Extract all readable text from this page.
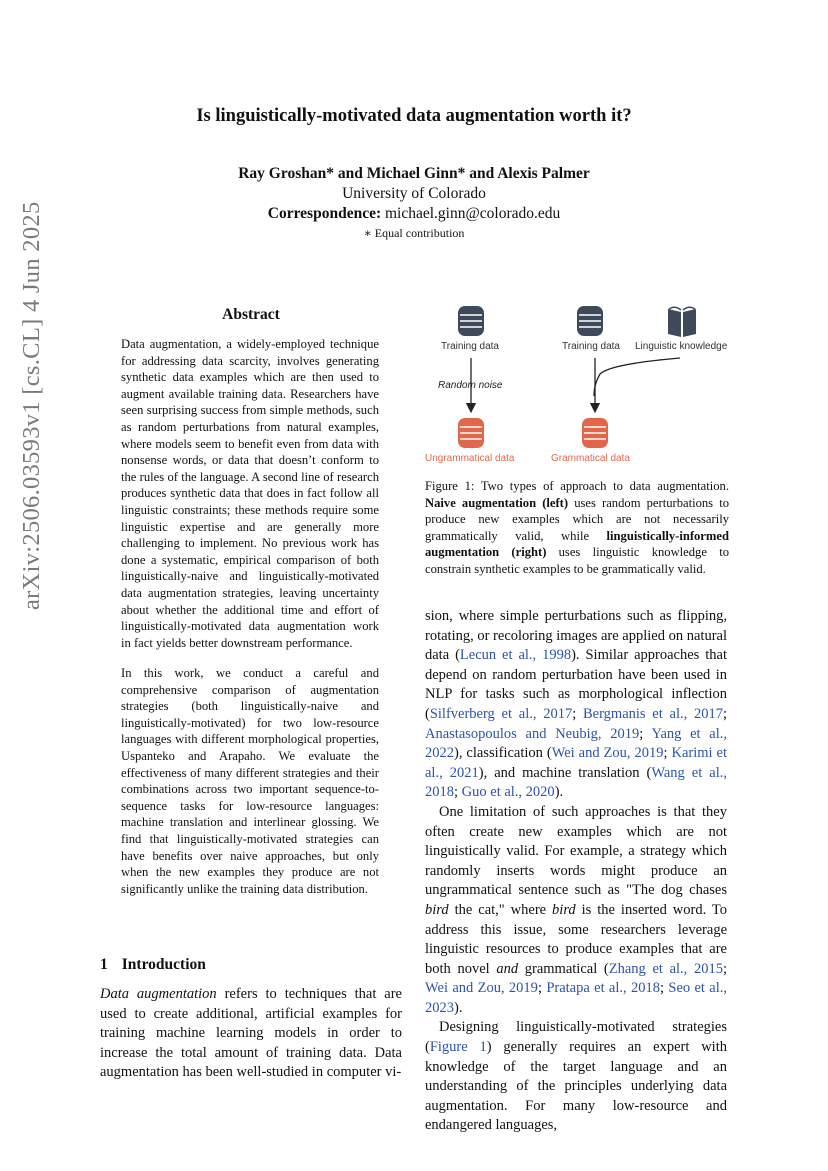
Is linguistically-motivated data augmentation worth it?
Ray Groshan* and Michael Ginn* and Alexis Palmer
University of Colorado
Correspondence: michael.ginn@colorado.edu
∗ Equal contribution
arXiv:2506.03593v1 [cs.CL] 4 Jun 2025	Abstract

Data augmentation, a widely-employed technique for addressing data scarcity, involves generating synthetic data examples which are then used to augment available training data. Researchers have seen surprising success from simple methods, such as random perturbations from natural examples, where models seem to benefit even from data with nonsense words, or data that doesn’t conform to the rules of the language. A second line of research produces synthetic data that does in fact follow all linguistic constraints; these methods require some linguistic expertise and are generally more challenging to implement. No previous work has done a systematic, empirical comparison of both linguistically-naive and linguistically-motivated data augmentation strategies, leaving uncertainty about whether the additional time and effort of linguistically-motivated data augmentation work in fact yields better downstream performance.

In this work, we conduct a careful and comprehensive comparison of augmentation strategies (both linguistically-naive and linguistically-motivated) for two low-resource languages with different morphological properties, Uspanteko and Arapaho. We evaluate the effectiveness of many different strategies and their combinations across two important sequence-to-sequence tasks for low-resource languages: machine translation and interlinear glossing. We find that linguistically-motivated strategies can have benefits over naive approaches, but only when the new examples they produce are not significantly unlike the training data distribution.

1 Introduction

Data augmentation refers to techniques that are used to create additional, artificial examples for training machine learning models in order to increase the total amount of training data. Data augmentation has been well-studied in computer vi-

Training data	Training data Linguistic knowledge
Random noise
Ungrammatical data	Grammatical data
Figure 1: Two types of approach to data augmentation. Naive augmentation (left) uses random perturbations to produce new examples which are not necessarily grammatically valid, while linguistically-informed augmentation (right) uses linguistic knowledge to constrain synthetic examples to be grammatically valid.

sion, where simple perturbations such as flipping, rotating, or recoloring images are applied on natural data (Lecun et al., 1998). Similar approaches that depend on random perturbation have been used in NLP for tasks such as morphological inflection (Silfverberg et al., 2017; Bergmanis et al., 2017; Anastasopoulos and Neubig, 2019; Yang et al., 2022), classification (Wei and Zou, 2019; Karimi et al., 2021), and machine translation (Wang et al., 2018; Guo et al., 2020).

One limitation of such approaches is that they often create new examples which are not linguistically valid. For example, a strategy which randomly inserts words might produce an ungrammatical sentence such as "The dog chases bird the cat," where bird is the inserted word. To address this issue, some researchers leverage linguistic resources to produce examples that are both novel and grammatical (Zhang et al., 2015; Wei and Zou, 2019; Pratapa et al., 2018; Seo et al., 2023).

Designing linguistically-motivated strategies (Figure 1) generally requires an expert with knowledge of the target language and an understanding of the principles underlying data augmentation. For many low-resource and endangered languages,
